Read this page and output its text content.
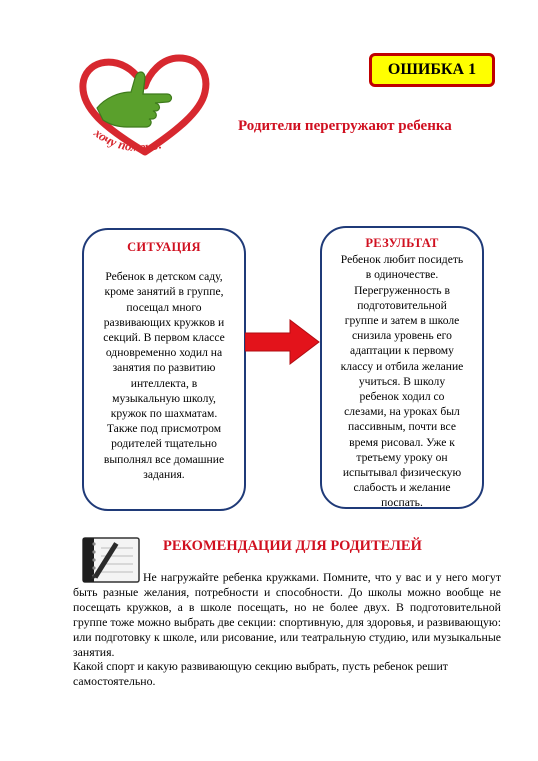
хочу помочь!
ОШИБКА 1
Родители перегружают ребенка
СИТУАЦИЯ
Ребенок в детском саду,
кроме занятий в группе,
посещал много
развивающих кружков и
секций. В первом классе
одновременно ходил на
занятия по развитию
интеллекта, в
музыкальную школу,
кружок по шахматам.
Также под присмотром
родителей тщательно
выполнял все домашние
задания.
РЕЗУЛЬТАТ
Ребенок любит посидеть
в одиночестве.
Перегруженность в
подготовительной
группе и затем в школе
снизила уровень его
адаптации к первому
классу и отбила желание
учиться. В школу
ребенок ходил со
слезами, на уроках был
пассивным, почти все
время рисовал. Уже к
третьему уроку он
испытывал физическую
слабость и желание
поспать.
РЕКОМЕНДАЦИИ ДЛЯ РОДИТЕЛЕЙ

Не нагружайте ребенка кружками. Помните, что у вас и у него могут быть разные желания, потребности и способности. До школы можно вообще не посещать кружков, а в школе посещать, но не более двух. В подготовительной группе тоже можно выбрать две секции: спортивную, для здоровья, и развивающую: или подготовку к школе, или рисование, или театральную студию, или музыкальные занятия.

Какой спорт и какую развивающую секцию выбрать, пусть ребенок решит самостоятельно.
